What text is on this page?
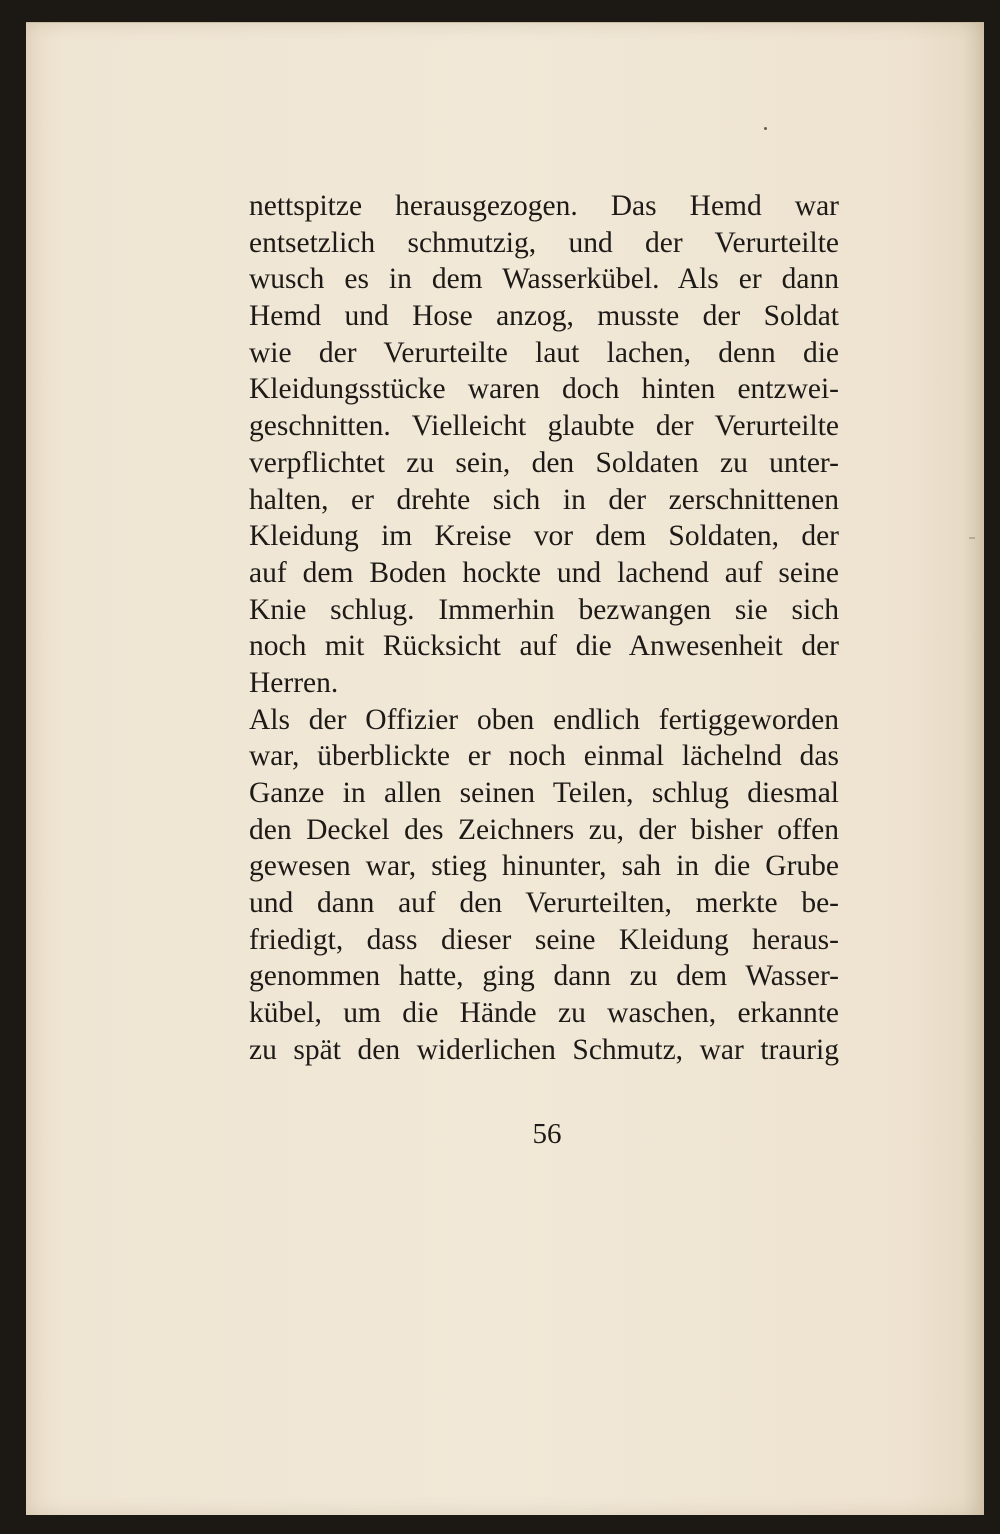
nettspitze herausgezogen. Das Hemd war
entsetzlich schmutzig, und der Verurteilte
wusch es in dem Wasserkübel. Als er dann
Hemd und Hose anzog, musste der Soldat
wie der Verurteilte laut lachen, denn die
Kleidungsstücke waren doch hinten entzwei-
geschnitten. Vielleicht glaubte der Verurteilte
verpflichtet zu sein, den Soldaten zu unter-
halten, er drehte sich in der zerschnittenen
Kleidung im Kreise vor dem Soldaten, der
auf dem Boden hockte und lachend auf seine
Knie schlug. Immerhin bezwangen sie sich
noch mit Rücksicht auf die Anwesenheit der
Herren.
Als der Offizier oben endlich fertiggeworden
war, überblickte er noch einmal lächelnd das
Ganze in allen seinen Teilen, schlug diesmal
den Deckel des Zeichners zu, der bisher offen
gewesen war, stieg hinunter, sah in die Grube
und dann auf den Verurteilten, merkte be-
friedigt, dass dieser seine Kleidung heraus-
genommen hatte, ging dann zu dem Wasser-
kübel, um die Hände zu waschen, erkannte
zu spät den widerlichen Schmutz, war traurig
56
